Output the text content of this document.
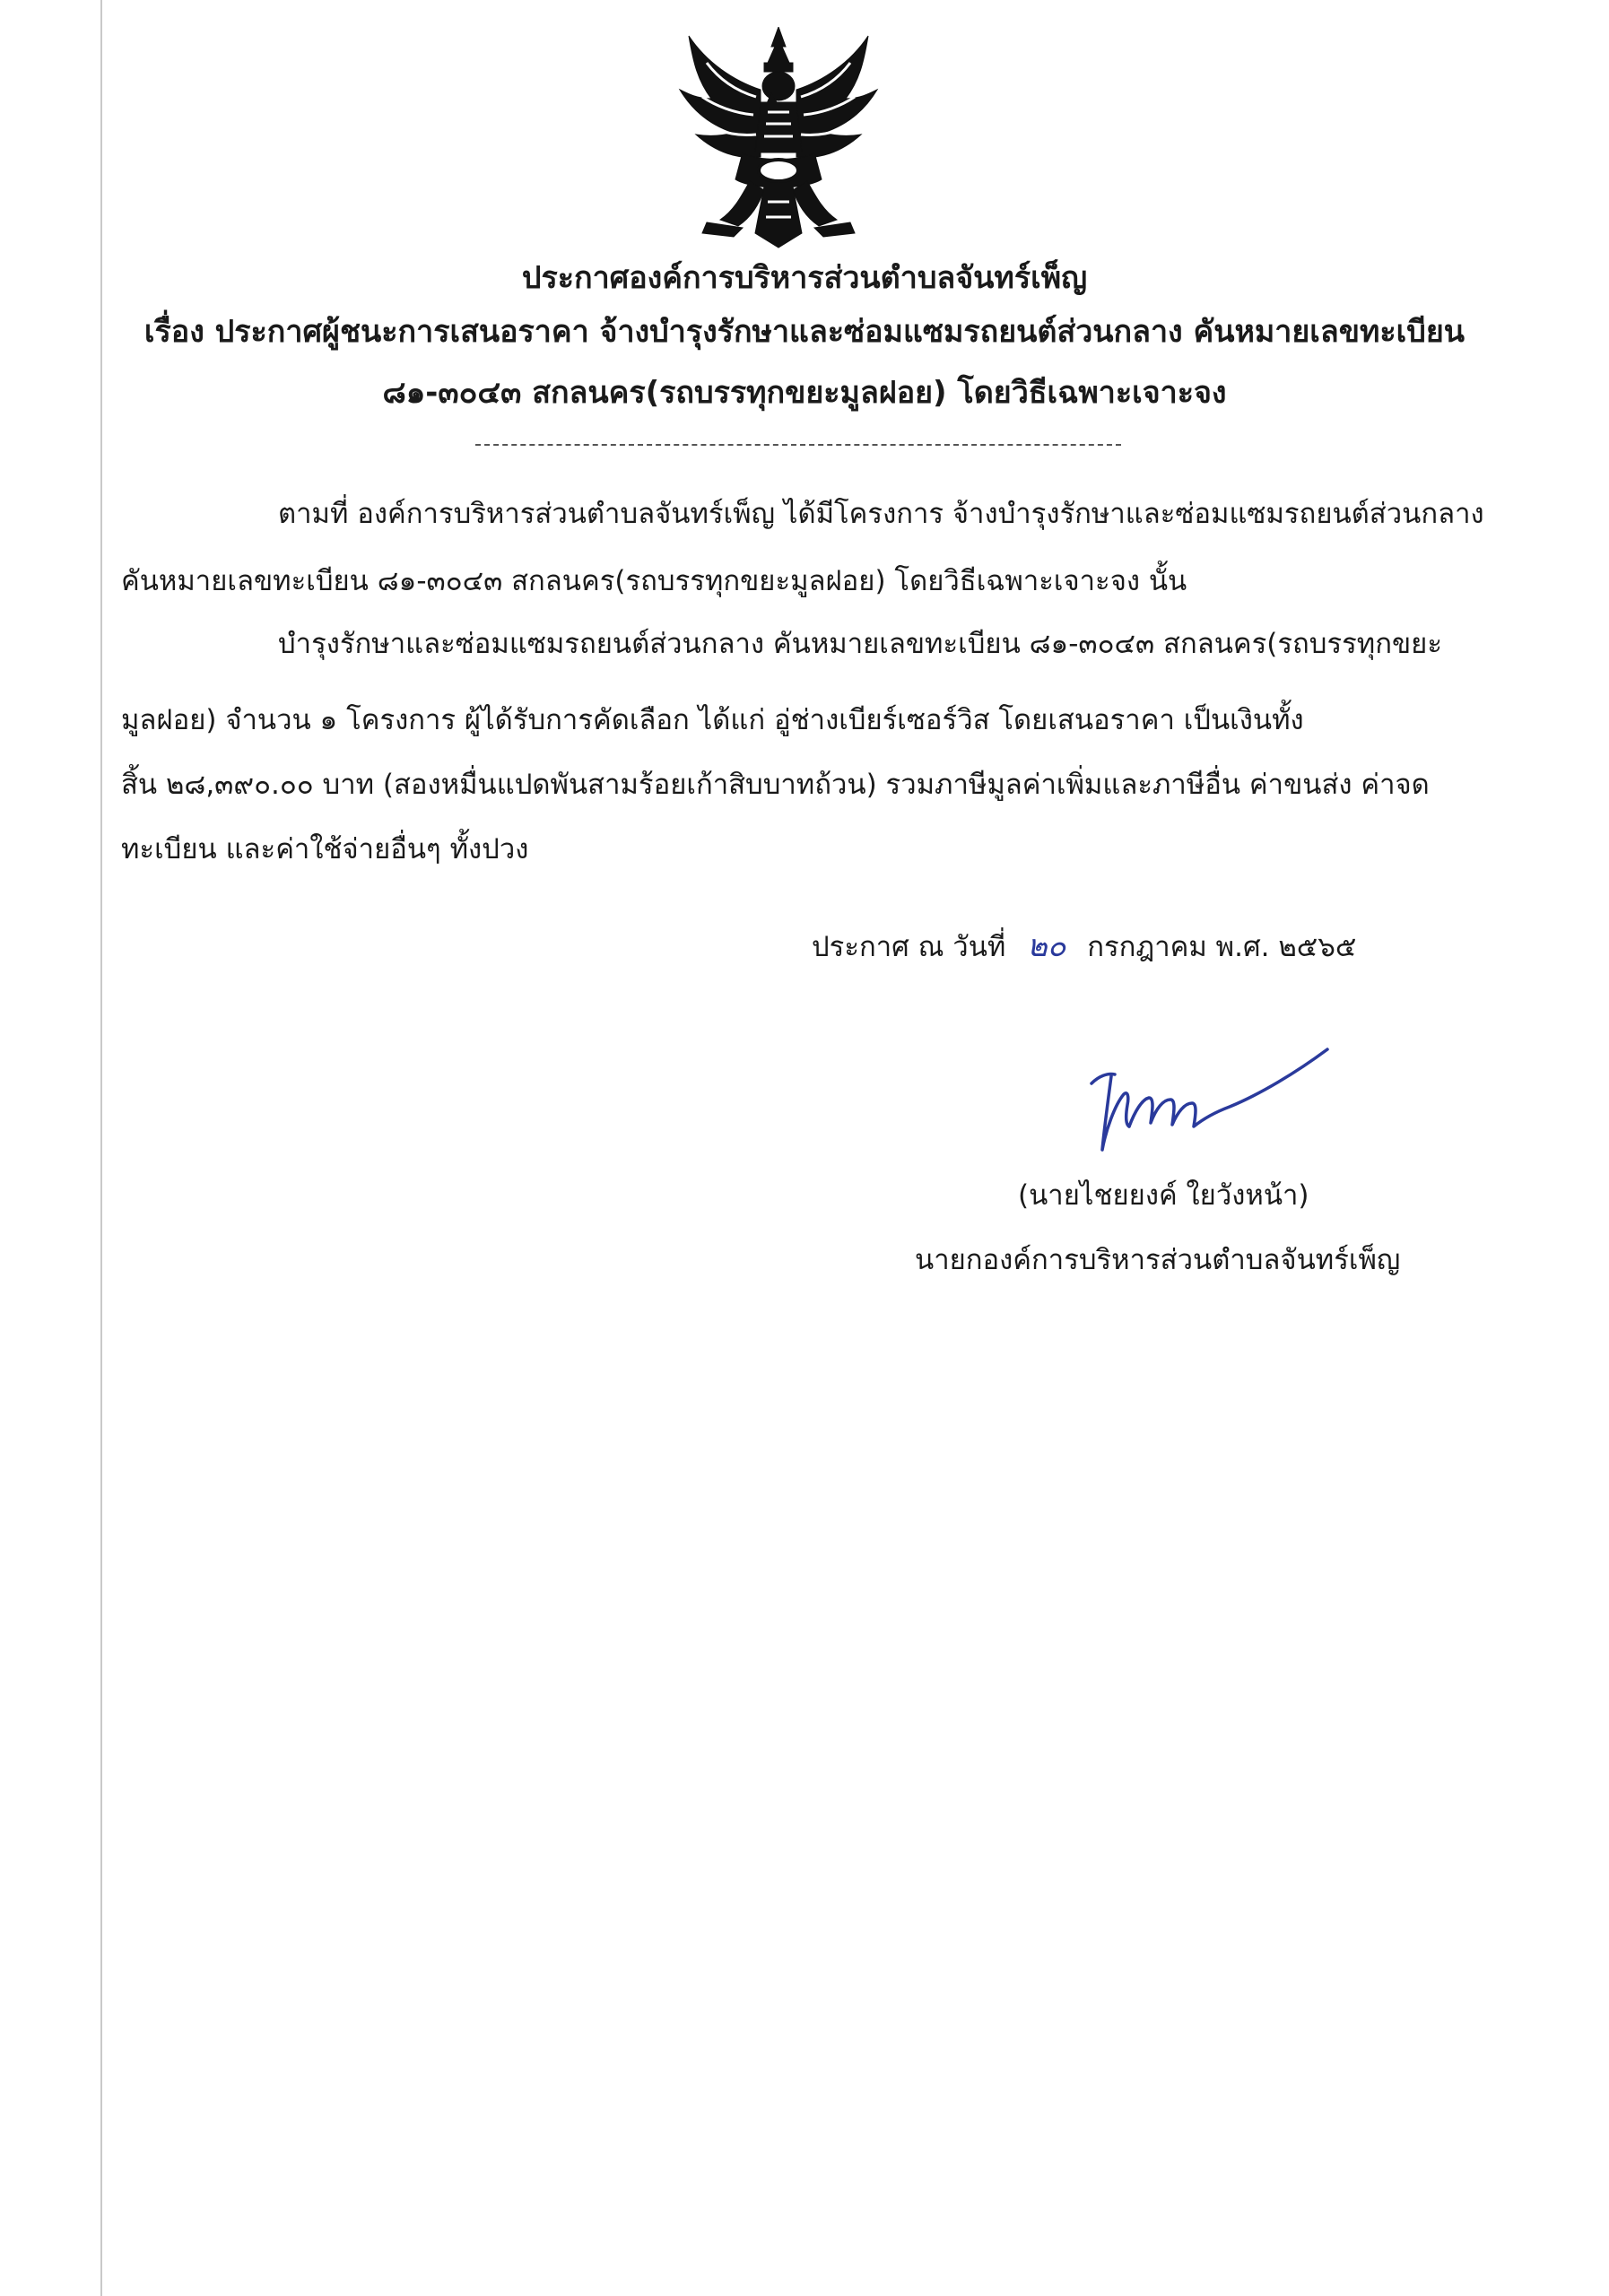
ประกาศองค์การบริหารส่วนตำบลจันทร์เพ็ญ
เรื่อง ประกาศผู้ชนะการเสนอราคา จ้างบำรุงรักษาและซ่อมแซมรถยนต์ส่วนกลาง คันหมายเลขทะเบียน
๘๑-๓๐๔๓ สกลนคร(รถบรรทุกขยะมูลฝอย) โดยวิธีเฉพาะเจาะจง
ตามที่ องค์การบริหารส่วนตำบลจันทร์เพ็ญ ได้มีโครงการ จ้างบำรุงรักษาและซ่อมแซมรถยนต์ส่วนกลาง
คันหมายเลขทะเบียน ๘๑-๓๐๔๓ สกลนคร(รถบรรทุกขยะมูลฝอย) โดยวิธีเฉพาะเจาะจง นั้น
บำรุงรักษาและซ่อมแซมรถยนต์ส่วนกลาง คันหมายเลขทะเบียน ๘๑-๓๐๔๓ สกลนคร(รถบรรทุกขยะ
มูลฝอย) จำนวน ๑ โครงการ ผู้ได้รับการคัดเลือก ได้แก่ อู่ช่างเบียร์เซอร์วิส โดยเสนอราคา เป็นเงินทั้ง
สิ้น ๒๘,๓๙๐.๐๐ บาท (สองหมื่นแปดพันสามร้อยเก้าสิบบาทถ้วน) รวมภาษีมูลค่าเพิ่มและภาษีอื่น ค่าขนส่ง ค่าจด
ทะเบียน และค่าใช้จ่ายอื่นๆ ทั้งปวง
ประกาศ ณ วันที่ ๒๐ กรกฎาคม พ.ศ. ๒๕๖๕
(นายไชยยงค์ ใยวังหน้า)
นายกองค์การบริหารส่วนตำบลจันทร์เพ็ญ
